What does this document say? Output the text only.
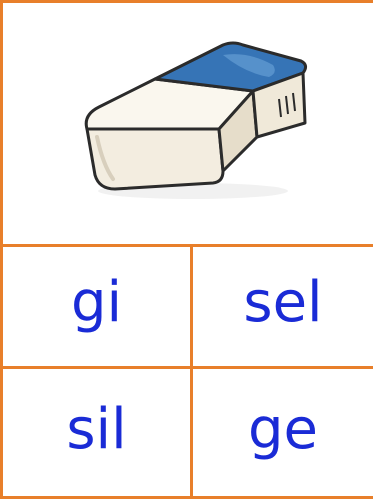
gi sel
sil ge
